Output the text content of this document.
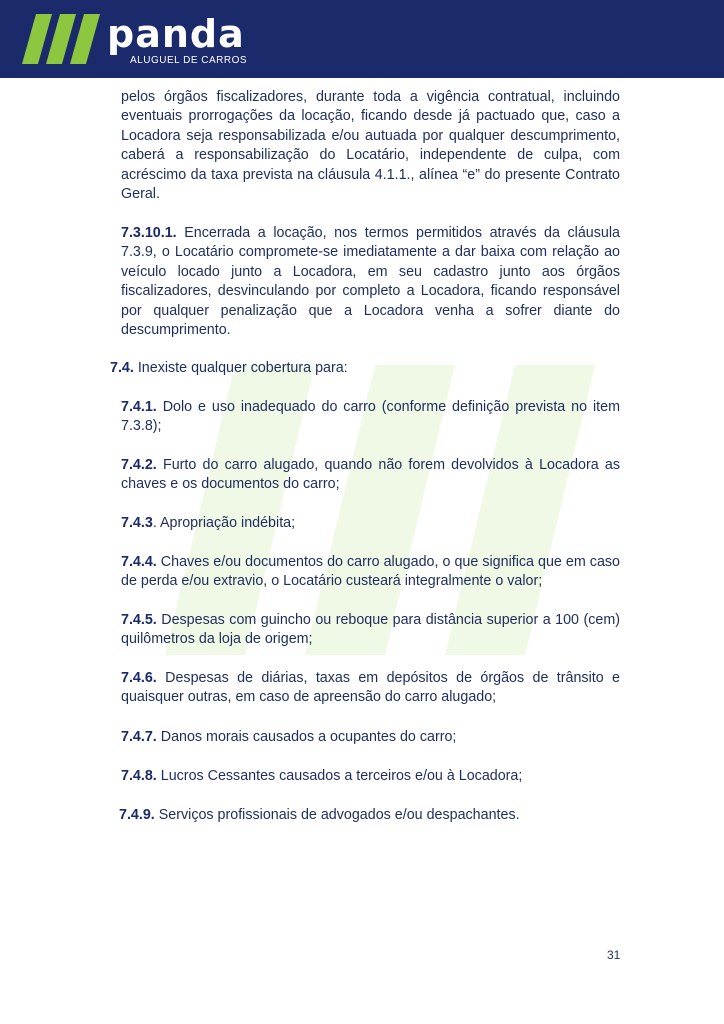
panda
ALUGUEL DE CARROS
pelos órgãos fiscalizadores, durante toda a vigência contratual, incluindo eventuais prorrogações da locação, ficando desde já pactuado que, caso a Locadora seja responsabilizada e/ou autuada por qualquer descumprimento, caberá a responsabilização do Locatário, independente de culpa, com acréscimo da taxa prevista na cláusula 4.1.1., alínea “e” do presente Contrato Geral.
7.3.10.1. Encerrada a locação, nos termos permitidos através da cláusula 7.3.9, o Locatário compromete-se imediatamente a dar baixa com relação ao veículo locado junto a Locadora, em seu cadastro junto aos órgãos fiscalizadores, desvinculando por completo a Locadora, ficando responsável por qualquer penalização que a Locadora venha a sofrer diante do descumprimento.
7.4. Inexiste qualquer cobertura para:
7.4.1. Dolo e uso inadequado do carro (conforme definição prevista no item 7.3.8);
7.4.2. Furto do carro alugado, quando não forem devolvidos à Locadora as chaves e os documentos do carro;
7.4.3. Apropriação indébita;
7.4.4. Chaves e/ou documentos do carro alugado, o que significa que em caso de perda e/ou extravio, o Locatário custeará integralmente o valor;
7.4.5. Despesas com guincho ou reboque para distância superior a 100 (cem) quilômetros da loja de origem;
7.4.6. Despesas de diárias, taxas em depósitos de órgãos de trânsito e quaisquer outras, em caso de apreensão do carro alugado;
7.4.7. Danos morais causados a ocupantes do carro;
7.4.8. Lucros Cessantes causados a terceiros e/ou à Locadora;
7.4.9. Serviços profissionais de advogados e/ou despachantes.
31
